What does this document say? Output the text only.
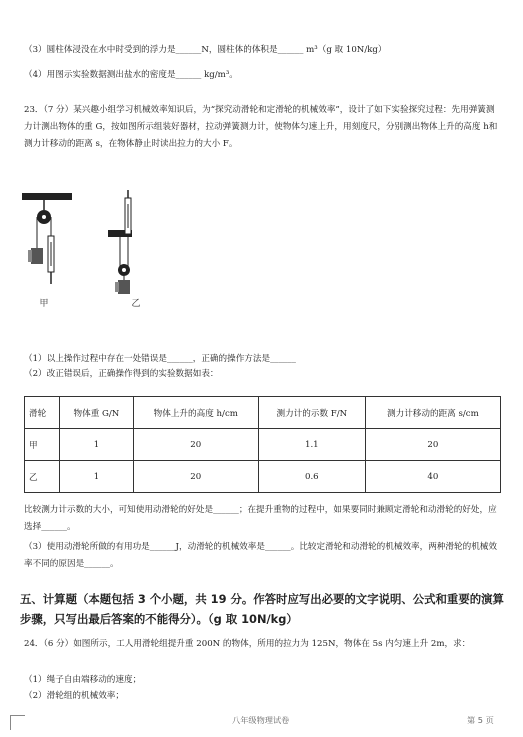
（3）圆柱体浸没在水中时受到的浮力是______N，圆柱体的体积是______ m³（g 取 10N/kg）
（4）用图示实验数据测出盐水的密度是______ kg/m³。
23．（7 分）某兴趣小组学习机械效率知识后，为“探究动滑轮和定滑轮的机械效率”，设计了如下实验探究过程：先用弹簧测力计测出物体的重 G，按如图所示组装好器材，拉动弹簧测力计，使物体匀速上升，用刻度尺，分别测出物体上升的高度 h和测力计移动的距离 s，在物体静止时读出拉力的大小 F。
甲	乙
（1）以上操作过程中存在一处错误是______，正确的操作方法是______
（2）改正错误后，正确操作得到的实验数据如表：
滑轮	物体重 G/N	物体上升的高度 h/cm	测力计的示数 F/N	测力计移动的距离 s/cm
甲	1	20	1.1	20
乙	1	20	0.6	40
比较测力计示数的大小，可知使用动滑轮的好处是______；在提升重物的过程中，如果要同时兼顾定滑轮和动滑轮的好处，应选择______。
（3）使用动滑轮所做的有用功是______J，动滑轮的机械效率是______。比较定滑轮和动滑轮的机械效率，两种滑轮的机械效率不同的原因是______。
五、计算题（本题包括 3 个小题，共 19 分。作答时应写出必要的文字说明、公式和重要的演算步骤，只写出最后答案的不能得分）。（g 取 10N/kg）
24．（6 分）如图所示，工人用滑轮组提升重 200N 的物体，所用的拉力为 125N，物体在 5s 内匀速上升 2m，求：
（1）绳子自由端移动的速度；
（2）滑轮组的机械效率；
八年级物理试卷	第 5 页
